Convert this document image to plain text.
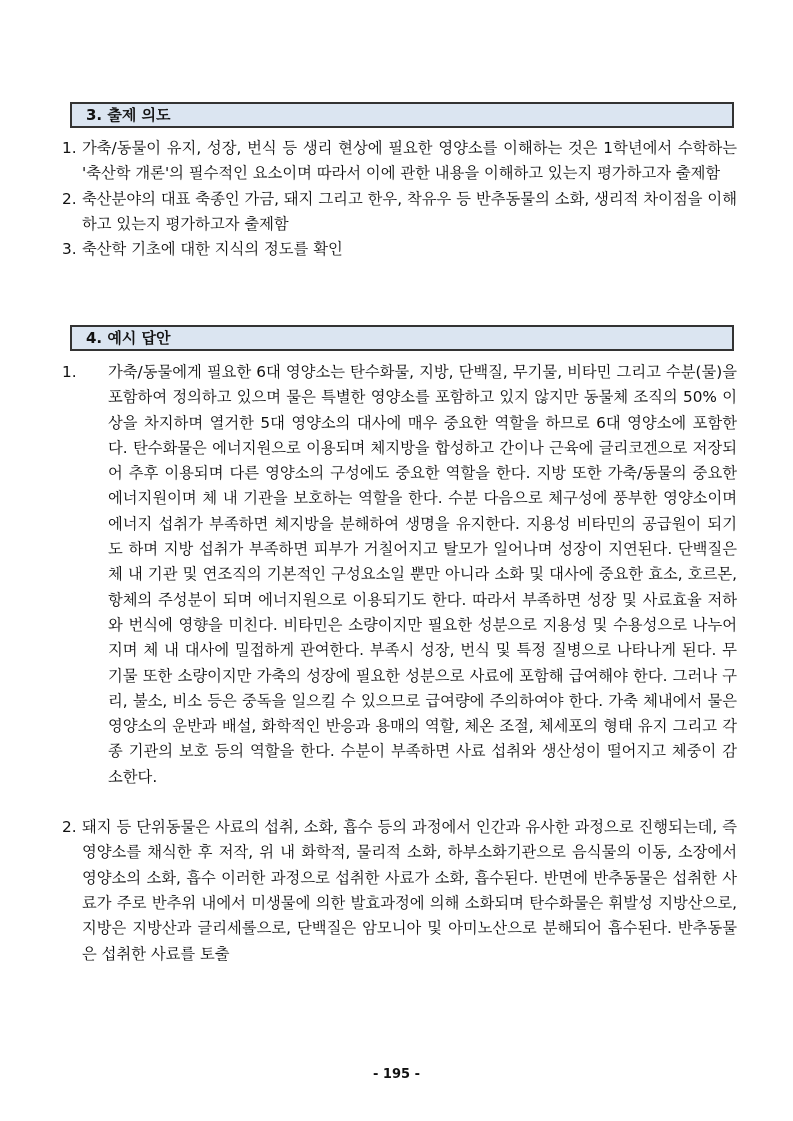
3. 출제 의도
1. 가축/동물이 유지, 성장, 번식 등 생리 현상에 필요한 영양소를 이해하는 것은 1학년에서 수학하는 '축산학 개론'의 필수적인 요소이며 따라서 이에 관한 내용을 이해하고 있는지 평가하고자 출제함
2. 축산분야의 대표 축종인 가금, 돼지 그리고 한우, 착유우 등 반추동물의 소화, 생리적 차이점을 이해하고 있는지 평가하고자 출제함
3. 축산학 기초에 대한 지식의 정도를 확인
4. 예시 답안
1. 가축/동물에게 필요한 6대 영양소는 탄수화물, 지방, 단백질, 무기물, 비타민 그리고 수분(물)을 포함하여 정의하고 있으며 물은 특별한 영양소를 포함하고 있지 않지만 동물체 조직의 50% 이상을 차지하며 열거한 5대 영양소의 대사에 매우 중요한 역할을 하므로 6대 영양소에 포함한다. 탄수화물은 에너지원으로 이용되며 체지방을 합성하고 간이나 근육에 글리코겐으로 저장되어 추후 이용되며 다른 영양소의 구성에도 중요한 역할을 한다. 지방 또한 가축/동물의 중요한 에너지원이며 체 내 기관을 보호하는 역할을 한다. 수분 다음으로 체구성에 풍부한 영양소이며 에너지 섭취가 부족하면 체지방을 분해하여 생명을 유지한다. 지용성 비타민의 공급원이 되기도 하며 지방 섭취가 부족하면 피부가 거칠어지고 탈모가 일어나며 성장이 지연된다. 단백질은 체 내 기관 및 연조직의 기본적인 구성요소일 뿐만 아니라 소화 및 대사에 중요한 효소, 호르몬, 항체의 주성분이 되며 에너지원으로 이용되기도 한다. 따라서 부족하면 성장 및 사료효율 저하와 번식에 영향을 미친다. 비타민은 소량이지만 필요한 성분으로 지용성 및 수용성으로 나누어지며 체 내 대사에 밀접하게 관여한다. 부족시 성장, 번식 및 특정 질병으로 나타나게 된다. 무기물 또한 소량이지만 가축의 성장에 필요한 성분으로 사료에 포함해 급여해야 한다. 그러나 구리, 불소, 비소 등은 중독을 일으킬 수 있으므로 급여량에 주의하여야 한다. 가축 체내에서 물은 영양소의 운반과 배설, 화학적인 반응과 용매의 역할, 체온 조절, 체세포의 형태 유지 그리고 각종 기관의 보호 등의 역할을 한다. 수분이 부족하면 사료 섭취와 생산성이 떨어지고 체중이 감소한다.
2. 돼지 등 단위동물은 사료의 섭취, 소화, 흡수 등의 과정에서 인간과 유사한 과정으로 진행되는데, 즉 영양소를 채식한 후 저작, 위 내 화학적, 물리적 소화, 하부소화기관으로 음식물의 이동, 소장에서 영양소의 소화, 흡수 이러한 과정으로 섭취한 사료가 소화, 흡수된다. 반면에 반추동물은 섭취한 사료가 주로 반추위 내에서 미생물에 의한 발효과정에 의해 소화되며 탄수화물은 휘발성 지방산으로, 지방은 지방산과 글리세롤으로, 단백질은 암모니아 및 아미노산으로 분해되어 흡수된다. 반추동물은 섭취한 사료를 토출
- 195 -
